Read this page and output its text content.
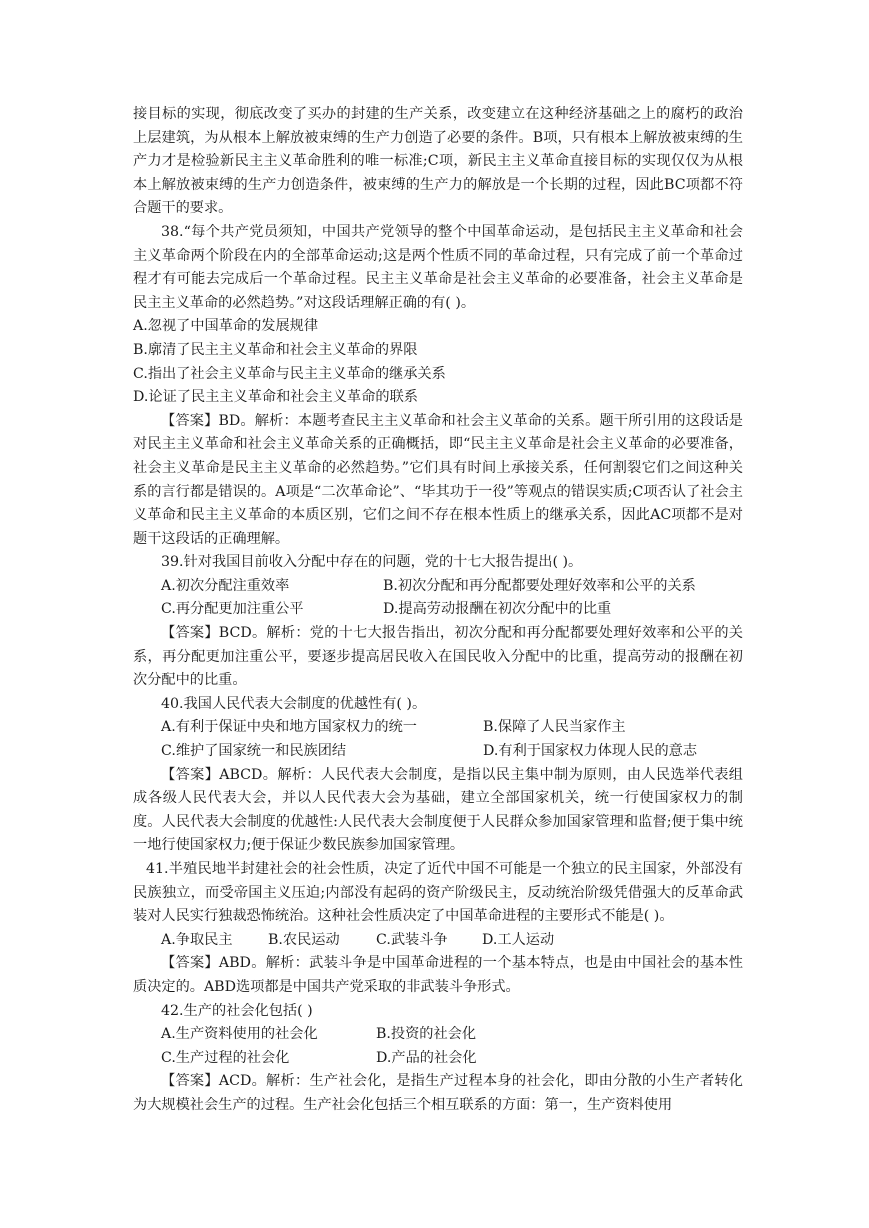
接目标的实现，彻底改变了买办的封建的生产关系，改变建立在这种经济基础之上的腐朽的政治上层建筑，为从根本上解放被束缚的生产力创造了必要的条件。B项，只有根本上解放被束缚的生产力才是检验新民主主义革命胜利的唯一标准;C项，新民主主义革命直接目标的实现仅仅为从根本上解放被束缚的生产力创造条件，被束缚的生产力的解放是一个长期的过程，因此BC项都不符合题干的要求。

38.“每个共产党员须知，中国共产党领导的整个中国革命运动，是包括民主主义革命和社会主义革命两个阶段在内的全部革命运动;这是两个性质不同的革命过程，只有完成了前一个革命过程才有可能去完成后一个革命过程。民主主义革命是社会主义革命的必要准备，社会主义革命是民主主义革命的必然趋势。”对这段话理解正确的有( )。

A.忽视了中国革命的发展规律

B.廓清了民主主义革命和社会主义革命的界限

C.指出了社会主义革命与民主主义革命的继承关系

D.论证了民主主义革命和社会主义革命的联系

【答案】BD。解析：本题考查民主主义革命和社会主义革命的关系。题干所引用的这段话是对民主主义革命和社会主义革命关系的正确概括，即“民主主义革命是社会主义革命的必要准备，社会主义革命是民主主义革命的必然趋势。”它们具有时间上承接关系，任何割裂它们之间这种关系的言行都是错误的。A项是“二次革命论”、“毕其功于一役”等观点的错误实质;C项否认了社会主义革命和民主主义革命的本质区别，它们之间不存在根本性质上的继承关系，因此AC项都不是对题干这段话的正确理解。

39.针对我国目前收入分配中存在的问题，党的十七大报告提出( )。

A.初次分配注重效率	B.初次分配和再分配都要处理好效率和公平的关系
C.再分配更加注重公平	D.提高劳动报酬在初次分配中的比重

【答案】BCD。解析：党的十七大报告指出，初次分配和再分配都要处理好效率和公平的关系，再分配更加注重公平，要逐步提高居民收入在国民收入分配中的比重，提高劳动的报酬在初次分配中的比重。

40.我国人民代表大会制度的优越性有( )。

A.有利于保证中央和地方国家权力的统一	B.保障了人民当家作主
C.维护了国家统一和民族团结	D.有利于国家权力体现人民的意志

【答案】ABCD。解析：人民代表大会制度，是指以民主集中制为原则，由人民选举代表组成各级人民代表大会，并以人民代表大会为基础，建立全部国家机关，统一行使国家权力的制度。人民代表大会制度的优越性:人民代表大会制度便于人民群众参加国家管理和监督;便于集中统一地行使国家权力;便于保证少数民族参加国家管理。

41.半殖民地半封建社会的社会性质，决定了近代中国不可能是一个独立的民主国家，外部没有民族独立，而受帝国主义压迫;内部没有起码的资产阶级民主，反动统治阶级凭借强大的反革命武装对人民实行独裁恐怖统治。这种社会性质决定了中国革命进程的主要形式不能是( )。

A.争取民主	B.农民运动	C.武装斗争	D.工人运动

【答案】ABD。解析：武装斗争是中国革命进程的一个基本特点，也是由中国社会的基本性质决定的。ABD选项都是中国共产党采取的非武装斗争形式。

42.生产的社会化包括( )

A.生产资料使用的社会化	B.投资的社会化
C.生产过程的社会化	D.产品的社会化

【答案】ACD。解析：生产社会化，是指生产过程本身的社会化，即由分散的小生产者转化为大规模社会生产的过程。生产社会化包括三个相互联系的方面：第一，生产资料使用
